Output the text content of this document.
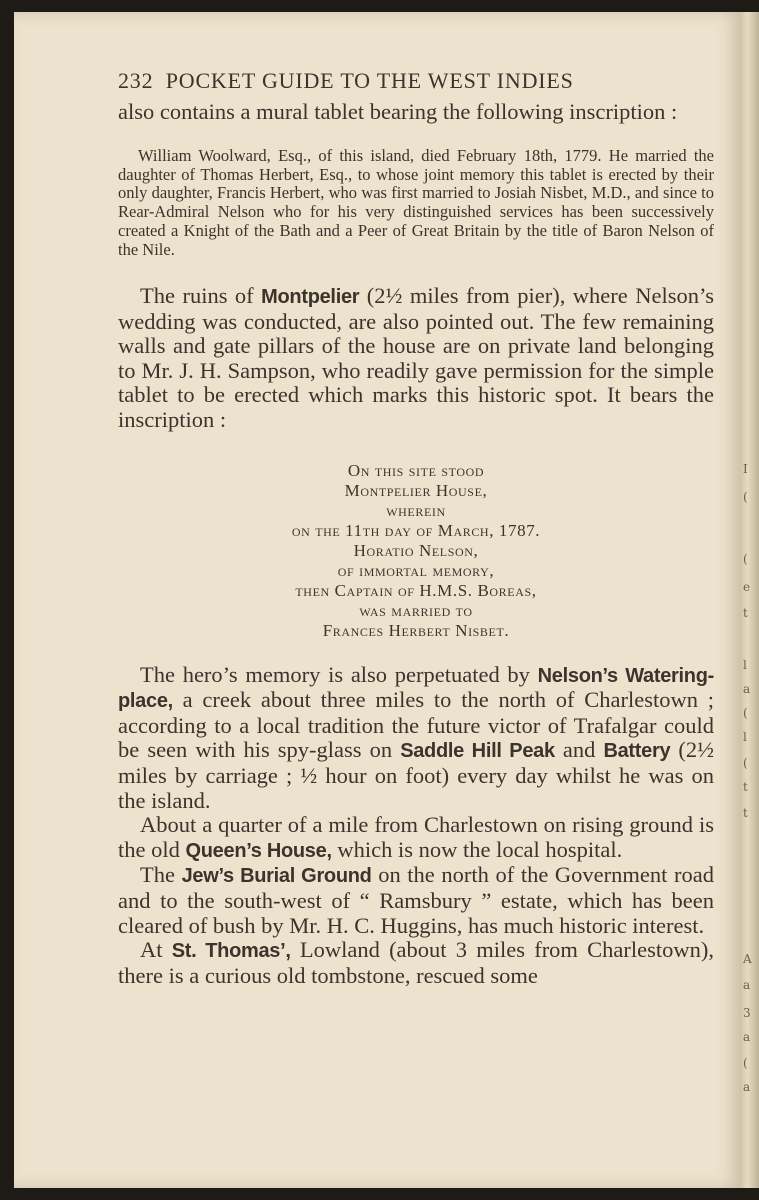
232 POCKET GUIDE TO THE WEST INDIES

also contains a mural tablet bearing the following inscription :

William Woolward, Esq., of this island, died February 18th, 1779. He married the daughter of Thomas Herbert, Esq., to whose joint memory this tablet is erected by their only daughter, Francis Herbert, who was first married to Josiah Nisbet, M.D., and since to Rear-Admiral Nelson who for his very distinguished services has been successively created a Knight of the Bath and a Peer of Great Britain by the title of Baron Nelson of the Nile.

The ruins of Montpelier (2½ miles from pier), where Nelson’s wedding was conducted, are also pointed out. The few remaining walls and gate pillars of the house are on private land belonging to Mr. J. H. Sampson, who readily gave permission for the simple tablet to be erected which marks this historic spot. It bears the inscription :

On this site stood
Montpelier House,
wherein
on the 11th day of March, 1787.
Horatio Nelson,
of immortal memory,
then Captain of H.M.S. Boreas,
was married to
Frances Herbert Nisbet.

The hero’s memory is also perpetuated by Nelson’s Watering-place, a creek about three miles to the north of Charlestown ; according to a local tradition the future victor of Trafalgar could be seen with his spy-glass on Saddle Hill Peak and Battery (2½ miles by carriage ; ½ hour on foot) every day whilst he was on the island.

About a quarter of a mile from Charlestown on rising ground is the old Queen’s House, which is now the local hospital.

The Jew’s Burial Ground on the north of the Government road and to the south-west of “ Ramsbury ” estate, which has been cleared of bush by Mr. H. C. Huggins, has much historic interest.

At St. Thomas’, Lowland (about 3 miles from Charlestown), there is a curious old tombstone, rescued some

I
(
(
e
t
l
a
(
l
(
t
t
A
a
3
a
(
a
